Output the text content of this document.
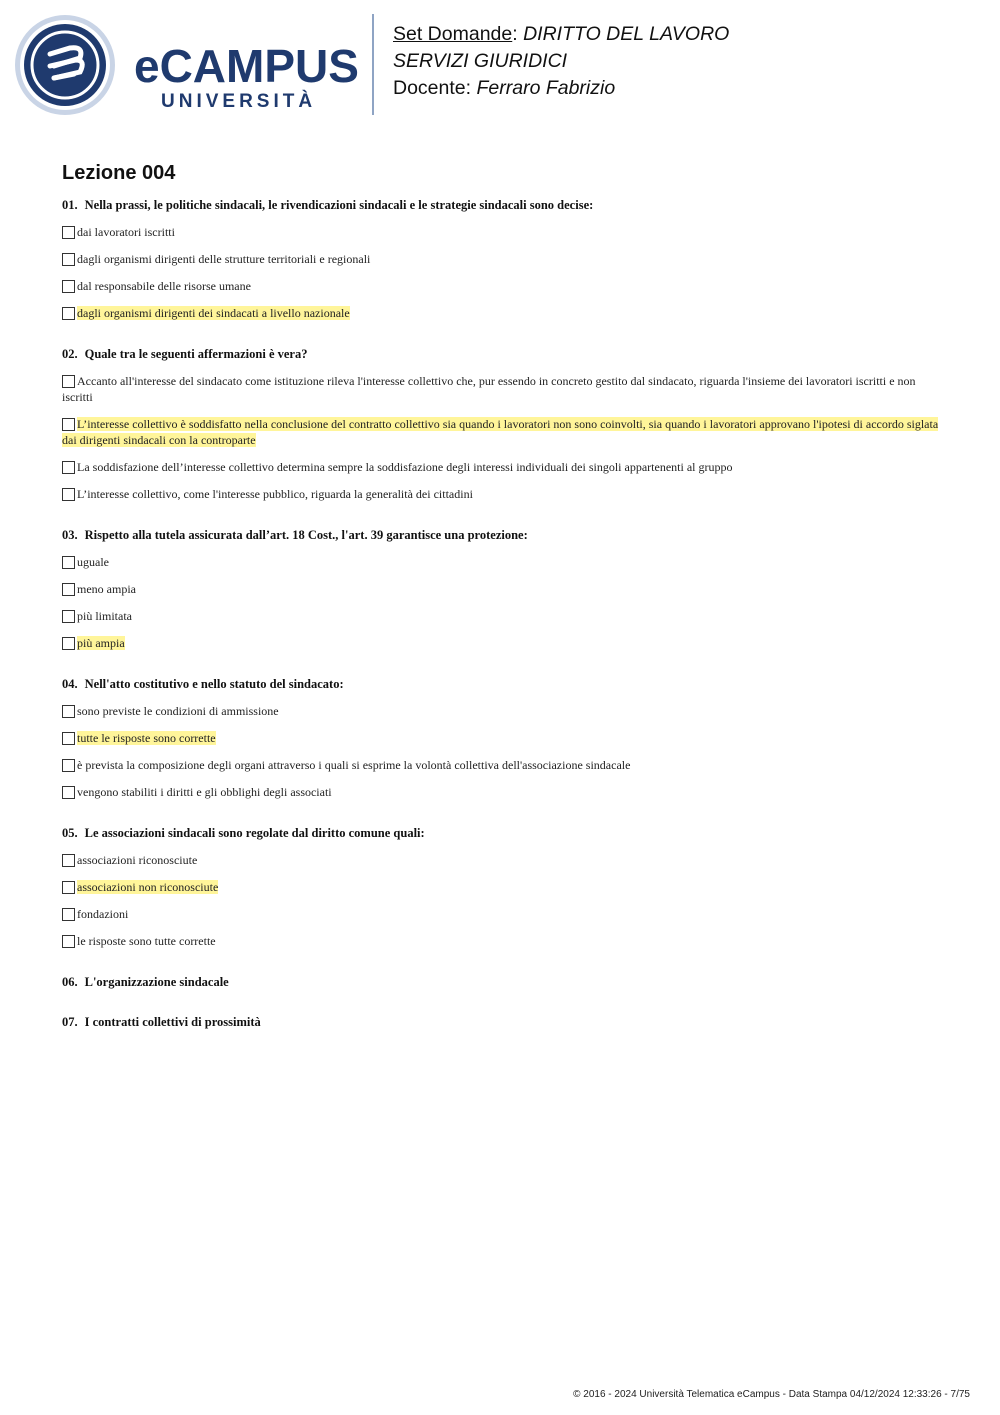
eCAMPUS
UNIVERSITÀ
Set Domande: DIRITTO DEL LAVORO
SERVIZI GIURIDICI
Docente: Ferraro Fabrizio
Lezione 004
01. Nella prassi, le politiche sindacali, le rivendicazioni sindacali e le strategie sindacali sono decise:
dai lavoratori iscritti
dagli organismi dirigenti delle strutture territoriali e regionali
dal responsabile delle risorse umane
dagli organismi dirigenti dei sindacati a livello nazionale
02. Quale tra le seguenti affermazioni è vera?
Accanto all'interesse del sindacato come istituzione rileva l'interesse collettivo che, pur essendo in concreto gestito dal sindacato, riguarda l'insieme dei lavoratori iscritti e non iscritti
L’interesse collettivo è soddisfatto nella conclusione del contratto collettivo sia quando i lavoratori non sono coinvolti, sia quando i lavoratori approvano l'ipotesi di accordo siglata dai dirigenti sindacali con la controparte
La soddisfazione dell’interesse collettivo determina sempre la soddisfazione degli interessi individuali dei singoli appartenenti al gruppo
L’interesse collettivo, come l'interesse pubblico, riguarda la generalità dei cittadini
03. Rispetto alla tutela assicurata dall’art. 18 Cost., l'art. 39 garantisce una protezione:
uguale
meno ampia
più limitata
più ampia
04. Nell'atto costitutivo e nello statuto del sindacato:
sono previste le condizioni di ammissione
tutte le risposte sono corrette
è prevista la composizione degli organi attraverso i quali si esprime la volontà collettiva dell'associazione sindacale
vengono stabiliti i diritti e gli obblighi degli associati
05. Le associazioni sindacali sono regolate dal diritto comune quali:
associazioni riconosciute
associazioni non riconosciute
fondazioni
le risposte sono tutte corrette
06. L'organizzazione sindacale
07. I contratti collettivi di prossimità
© 2016 - 2024 Università Telematica eCampus - Data Stampa 04/12/2024 12:33:26 - 7/75
